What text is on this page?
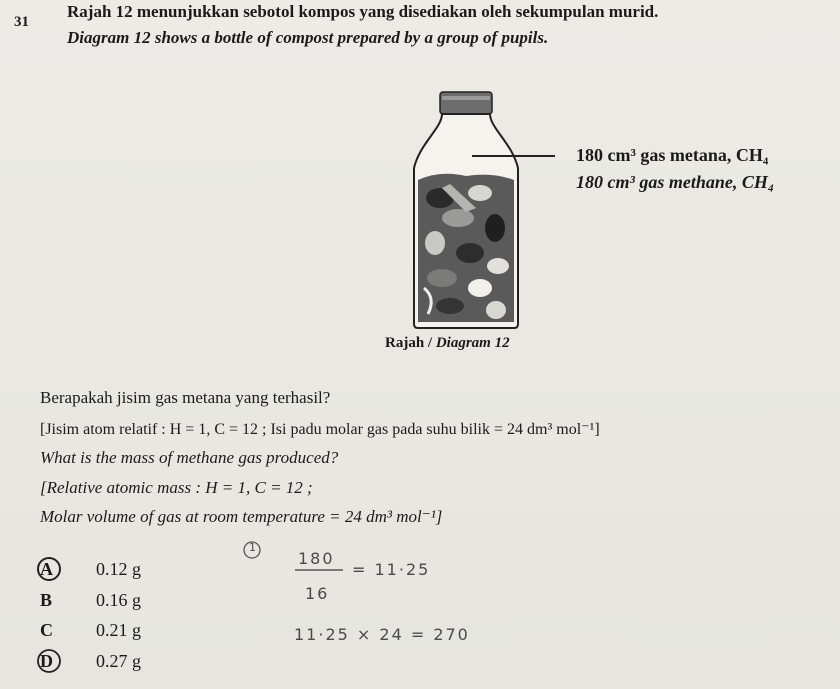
31
Rajah 12 menunjukkan sebotol kompos yang disediakan oleh sekumpulan murid.
Diagram 12 shows a bottle of compost prepared by a group of pupils.
180 cm³ gas metana, CH₄
180 cm³ gas methane, CH₄
Rajah / Diagram 12
Berapakah jisim gas metana yang terhasil?
[Jisim atom relatif : H = 1, C = 12 ; Isi padu molar gas pada suhu bilik = 24 dm³ mol⁻¹]
What is the mass of methane gas produced?
[Relative atomic mass : H = 1, C = 12 ;
Molar volume of gas at room temperature = 24 dm³ mol⁻¹]
A 0.12 g
B 0.16 g
C 0.21 g
D 0.27 g
1
180
16
= 11·25
11·25 × 24 = 270
